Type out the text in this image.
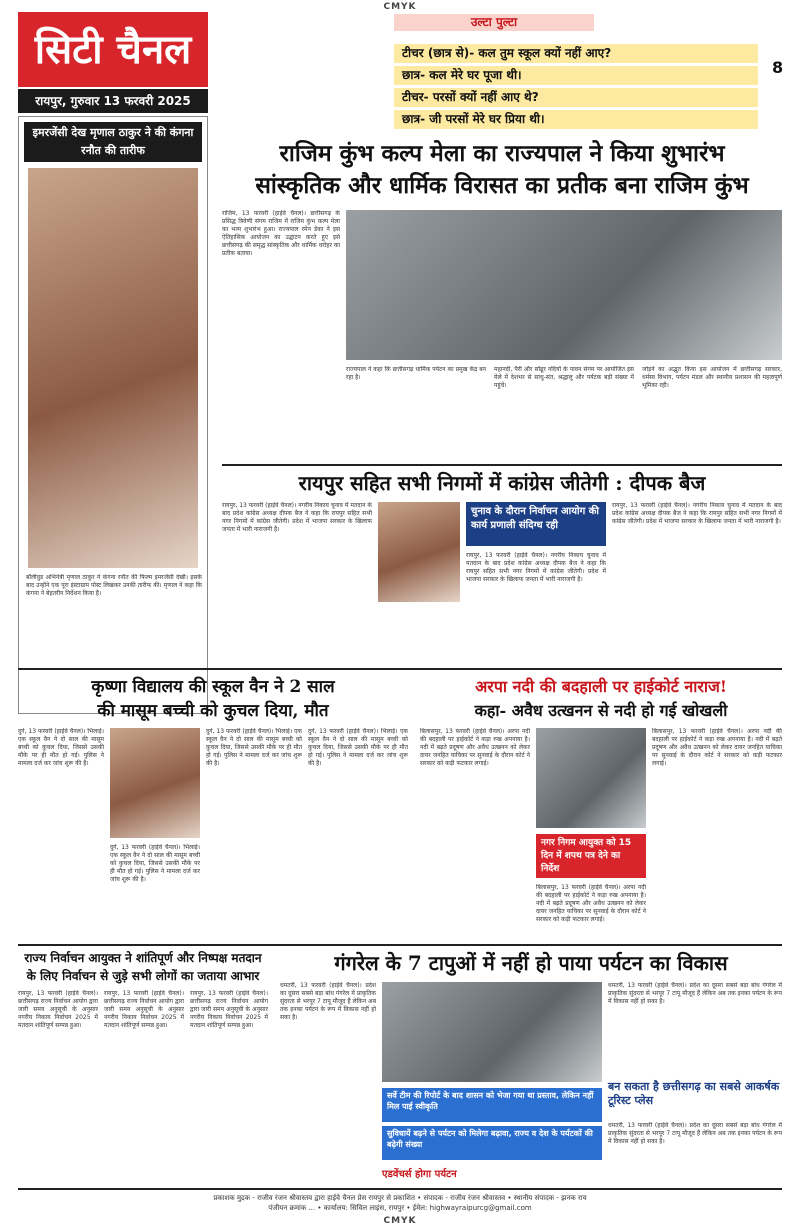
CMYK
सिटी चैनल
रायपुर, गुरुवार 13 फरवरी 2025
8
उल्टा पुल्टा
टीचर (छात्र से)- कल तुम स्कूल क्यों नहीं आए?
छात्र- कल मेरे घर पूजा थी।
टीचर- परसों क्यों नहीं आए थे?
छात्र- जी परसों मेरे घर प्रिया थी।
इमरजेंसी देख मृणाल ठाकुर ने की कंगना रनौत की तारीफ
बॉलीवुड अभिनेत्री मृणाल ठाकुर ने कंगना रनौत की फिल्म इमरजेंसी देखी। इसके बाद उन्होंने एक पूरा इंस्टाग्राम पोस्ट लिखकर उनकी तारीफ की। मृणाल ने कहा कि कंगना ने बेहतरीन निर्देशन किया है।
राजिम कुंभ कल्प मेला का राज्यपाल ने किया शुभारंभ
सांस्कृतिक और धार्मिक विरासत का प्रतीक बना राजिम कुंभ
राजिम, 13 फरवरी (हाईवे चैनल)। छत्तीसगढ़ के प्रसिद्ध त्रिवेणी संगम राजिम में राजिम कुंभ कल्प मेला का भव्य शुभारंभ हुआ। राज्यपाल रमेन डेका ने इस ऐतिहासिक आयोजन का उद्घाटन करते हुए इसे छत्तीसगढ़ की समृद्ध सांस्कृतिक और धार्मिक धरोहर का प्रतीक बताया।
राज्यपाल ने कहा कि छत्तीसगढ़ धार्मिक पर्यटन का प्रमुख केंद्र बन रहा है।
महानदी, पैरी और सोंढूर नदियों के पावन संगम पर आयोजित इस मेले में देशभर से साधु-संत, श्रद्धालु और पर्यटक बड़ी संख्या में पहुंचे।
जोड़ने का अद्भुत किया इस आयोजन में छत्तीसगढ़ सरकार, धर्मस्व विभाग, पर्यटन मंडल और स्थानीय प्रशासन की महत्वपूर्ण भूमिका रही।
रायपुर सहित सभी निगमों में कांग्रेस जीतेगी : दीपक बैज
रायपुर, 13 फरवरी (हाईवे चैनल)। नगरीय निकाय चुनाव में मतदान के बाद प्रदेश कांग्रेस अध्यक्ष दीपक बैज ने कहा कि रायपुर सहित सभी नगर निगमों में कांग्रेस जीतेगी। प्रदेश में भाजपा सरकार के खिलाफ जनता में भारी नाराजगी है।
चुनाव के दौरान निर्वाचन आयोग की कार्य प्रणाली संदिग्ध रही
रायपुर, 13 फरवरी (हाईवे चैनल)। नगरीय निकाय चुनाव में मतदान के बाद प्रदेश कांग्रेस अध्यक्ष दीपक बैज ने कहा कि रायपुर सहित सभी नगर निगमों में कांग्रेस जीतेगी। प्रदेश में भाजपा सरकार के खिलाफ जनता में भारी नाराजगी है।
रायपुर, 13 फरवरी (हाईवे चैनल)। नगरीय निकाय चुनाव में मतदान के बाद प्रदेश कांग्रेस अध्यक्ष दीपक बैज ने कहा कि रायपुर सहित सभी नगर निगमों में कांग्रेस जीतेगी। प्रदेश में भाजपा सरकार के खिलाफ जनता में भारी नाराजगी है।
कृष्णा विद्यालय की स्कूल वैन ने 2 साल
की मासूम बच्ची को कुचल दिया, मौत
दुर्ग, 13 फरवरी (हाईवे चैनल)। भिलाई। एक स्कूल वैन ने दो साल की मासूम बच्ची को कुचल दिया, जिससे उसकी मौके पर ही मौत हो गई। पुलिस ने मामला दर्ज कर जांच शुरू की है।
दुर्ग, 13 फरवरी (हाईवे चैनल)। भिलाई। एक स्कूल वैन ने दो साल की मासूम बच्ची को कुचल दिया, जिससे उसकी मौके पर ही मौत हो गई। पुलिस ने मामला दर्ज कर जांच शुरू की है।
दुर्ग, 13 फरवरी (हाईवे चैनल)। भिलाई। एक स्कूल वैन ने दो साल की मासूम बच्ची को कुचल दिया, जिससे उसकी मौके पर ही मौत हो गई। पुलिस ने मामला दर्ज कर जांच शुरू की है।
दुर्ग, 13 फरवरी (हाईवे चैनल)। भिलाई। एक स्कूल वैन ने दो साल की मासूम बच्ची को कुचल दिया, जिससे उसकी मौके पर ही मौत हो गई। पुलिस ने मामला दर्ज कर जांच शुरू की है।
अरपा नदी की बदहाली पर हाईकोर्ट नाराज!
कहा- अवैध उत्खनन से नदी हो गई खोखली
बिलासपुर, 13 फरवरी (हाईवे चैनल)। अरपा नदी की बदहाली पर हाईकोर्ट ने कड़ा रुख अपनाया है। नदी में बढ़ते प्रदूषण और अवैध उत्खनन को लेकर दायर जनहित याचिका पर सुनवाई के दौरान कोर्ट ने सरकार को कड़ी फटकार लगाई।
नगर निगम आयुक्त को 15 दिन में शपथ पत्र देने का निर्देश
बिलासपुर, 13 फरवरी (हाईवे चैनल)। अरपा नदी की बदहाली पर हाईकोर्ट ने कड़ा रुख अपनाया है। नदी में बढ़ते प्रदूषण और अवैध उत्खनन को लेकर दायर जनहित याचिका पर सुनवाई के दौरान कोर्ट ने सरकार को कड़ी फटकार लगाई।
बिलासपुर, 13 फरवरी (हाईवे चैनल)। अरपा नदी की बदहाली पर हाईकोर्ट ने कड़ा रुख अपनाया है। नदी में बढ़ते प्रदूषण और अवैध उत्खनन को लेकर दायर जनहित याचिका पर सुनवाई के दौरान कोर्ट ने सरकार को कड़ी फटकार लगाई।
राज्य निर्वाचन आयुक्त ने शांतिपूर्ण और निष्पक्ष मतदान
के लिए निर्वाचन से जुड़े सभी लोगों का जताया आभार
रायपुर, 13 फरवरी (हाईवे चैनल)। छत्तीसगढ़ राज्य निर्वाचन आयोग द्वारा जारी समय अनुसूची के अनुसार नगरीय निकाय निर्वाचन 2025 में मतदान शांतिपूर्ण सम्पन्न हुआ।
रायपुर, 13 फरवरी (हाईवे चैनल)। छत्तीसगढ़ राज्य निर्वाचन आयोग द्वारा जारी समय अनुसूची के अनुसार नगरीय निकाय निर्वाचन 2025 में मतदान शांतिपूर्ण सम्पन्न हुआ।
रायपुर, 13 फरवरी (हाईवे चैनल)। छत्तीसगढ़ राज्य निर्वाचन आयोग द्वारा जारी समय अनुसूची के अनुसार नगरीय निकाय निर्वाचन 2025 में मतदान शांतिपूर्ण सम्पन्न हुआ।
गंगरेल के 7 टापुओं में नहीं हो पाया पर्यटन का विकास
धमतरी, 13 फरवरी (हाईवे चैनल)। प्रदेश का दूसरा सबसे बड़ा बांध गंगरेल में प्राकृतिक सुंदरता से भरपूर 7 टापू मौजूद हैं लेकिन अब तक इनका पर्यटन के रूप में विकास नहीं हो सका है।
सर्वे टीम की रिपोर्ट के बाद शासन को भेजा गया था प्रस्ताव, लेकिन नहीं मिल पाई स्वीकृति
सुविधायें बढ़ने से पर्यटन को मिलेगा बढ़ावा, राज्य व देश के पर्यटकों की बढ़ेगी संख्या
एडवेंचर्स होगा पर्यटन
धमतरी, 13 फरवरी (हाईवे चैनल)। प्रदेश का दूसरा सबसे बड़ा बांध गंगरेल में प्राकृतिक सुंदरता से भरपूर 7 टापू मौजूद हैं लेकिन अब तक इनका पर्यटन के रूप में विकास नहीं हो सका है।
बन सकता है छत्तीसगढ़ का सबसे आकर्षक टूरिस्ट प्लेस
धमतरी, 13 फरवरी (हाईवे चैनल)। प्रदेश का दूसरा सबसे बड़ा बांध गंगरेल में प्राकृतिक सुंदरता से भरपूर 7 टापू मौजूद हैं लेकिन अब तक इनका पर्यटन के रूप में विकास नहीं हो सका है।
प्रकाशक मुद्रक - राजीव रंजन श्रीवास्तव द्वारा हाईवे चैनल प्रेस रायपुर से प्रकाशित • संपादक - राजीव रंजन श्रीवास्तव • स्थानीय संपादक - झनक राय
पंजीयन क्रमांक ... • कार्यालय: सिविल लाइंस, रायपुर • ईमेल: highwayraipurcg@gmail.com
CMYK
